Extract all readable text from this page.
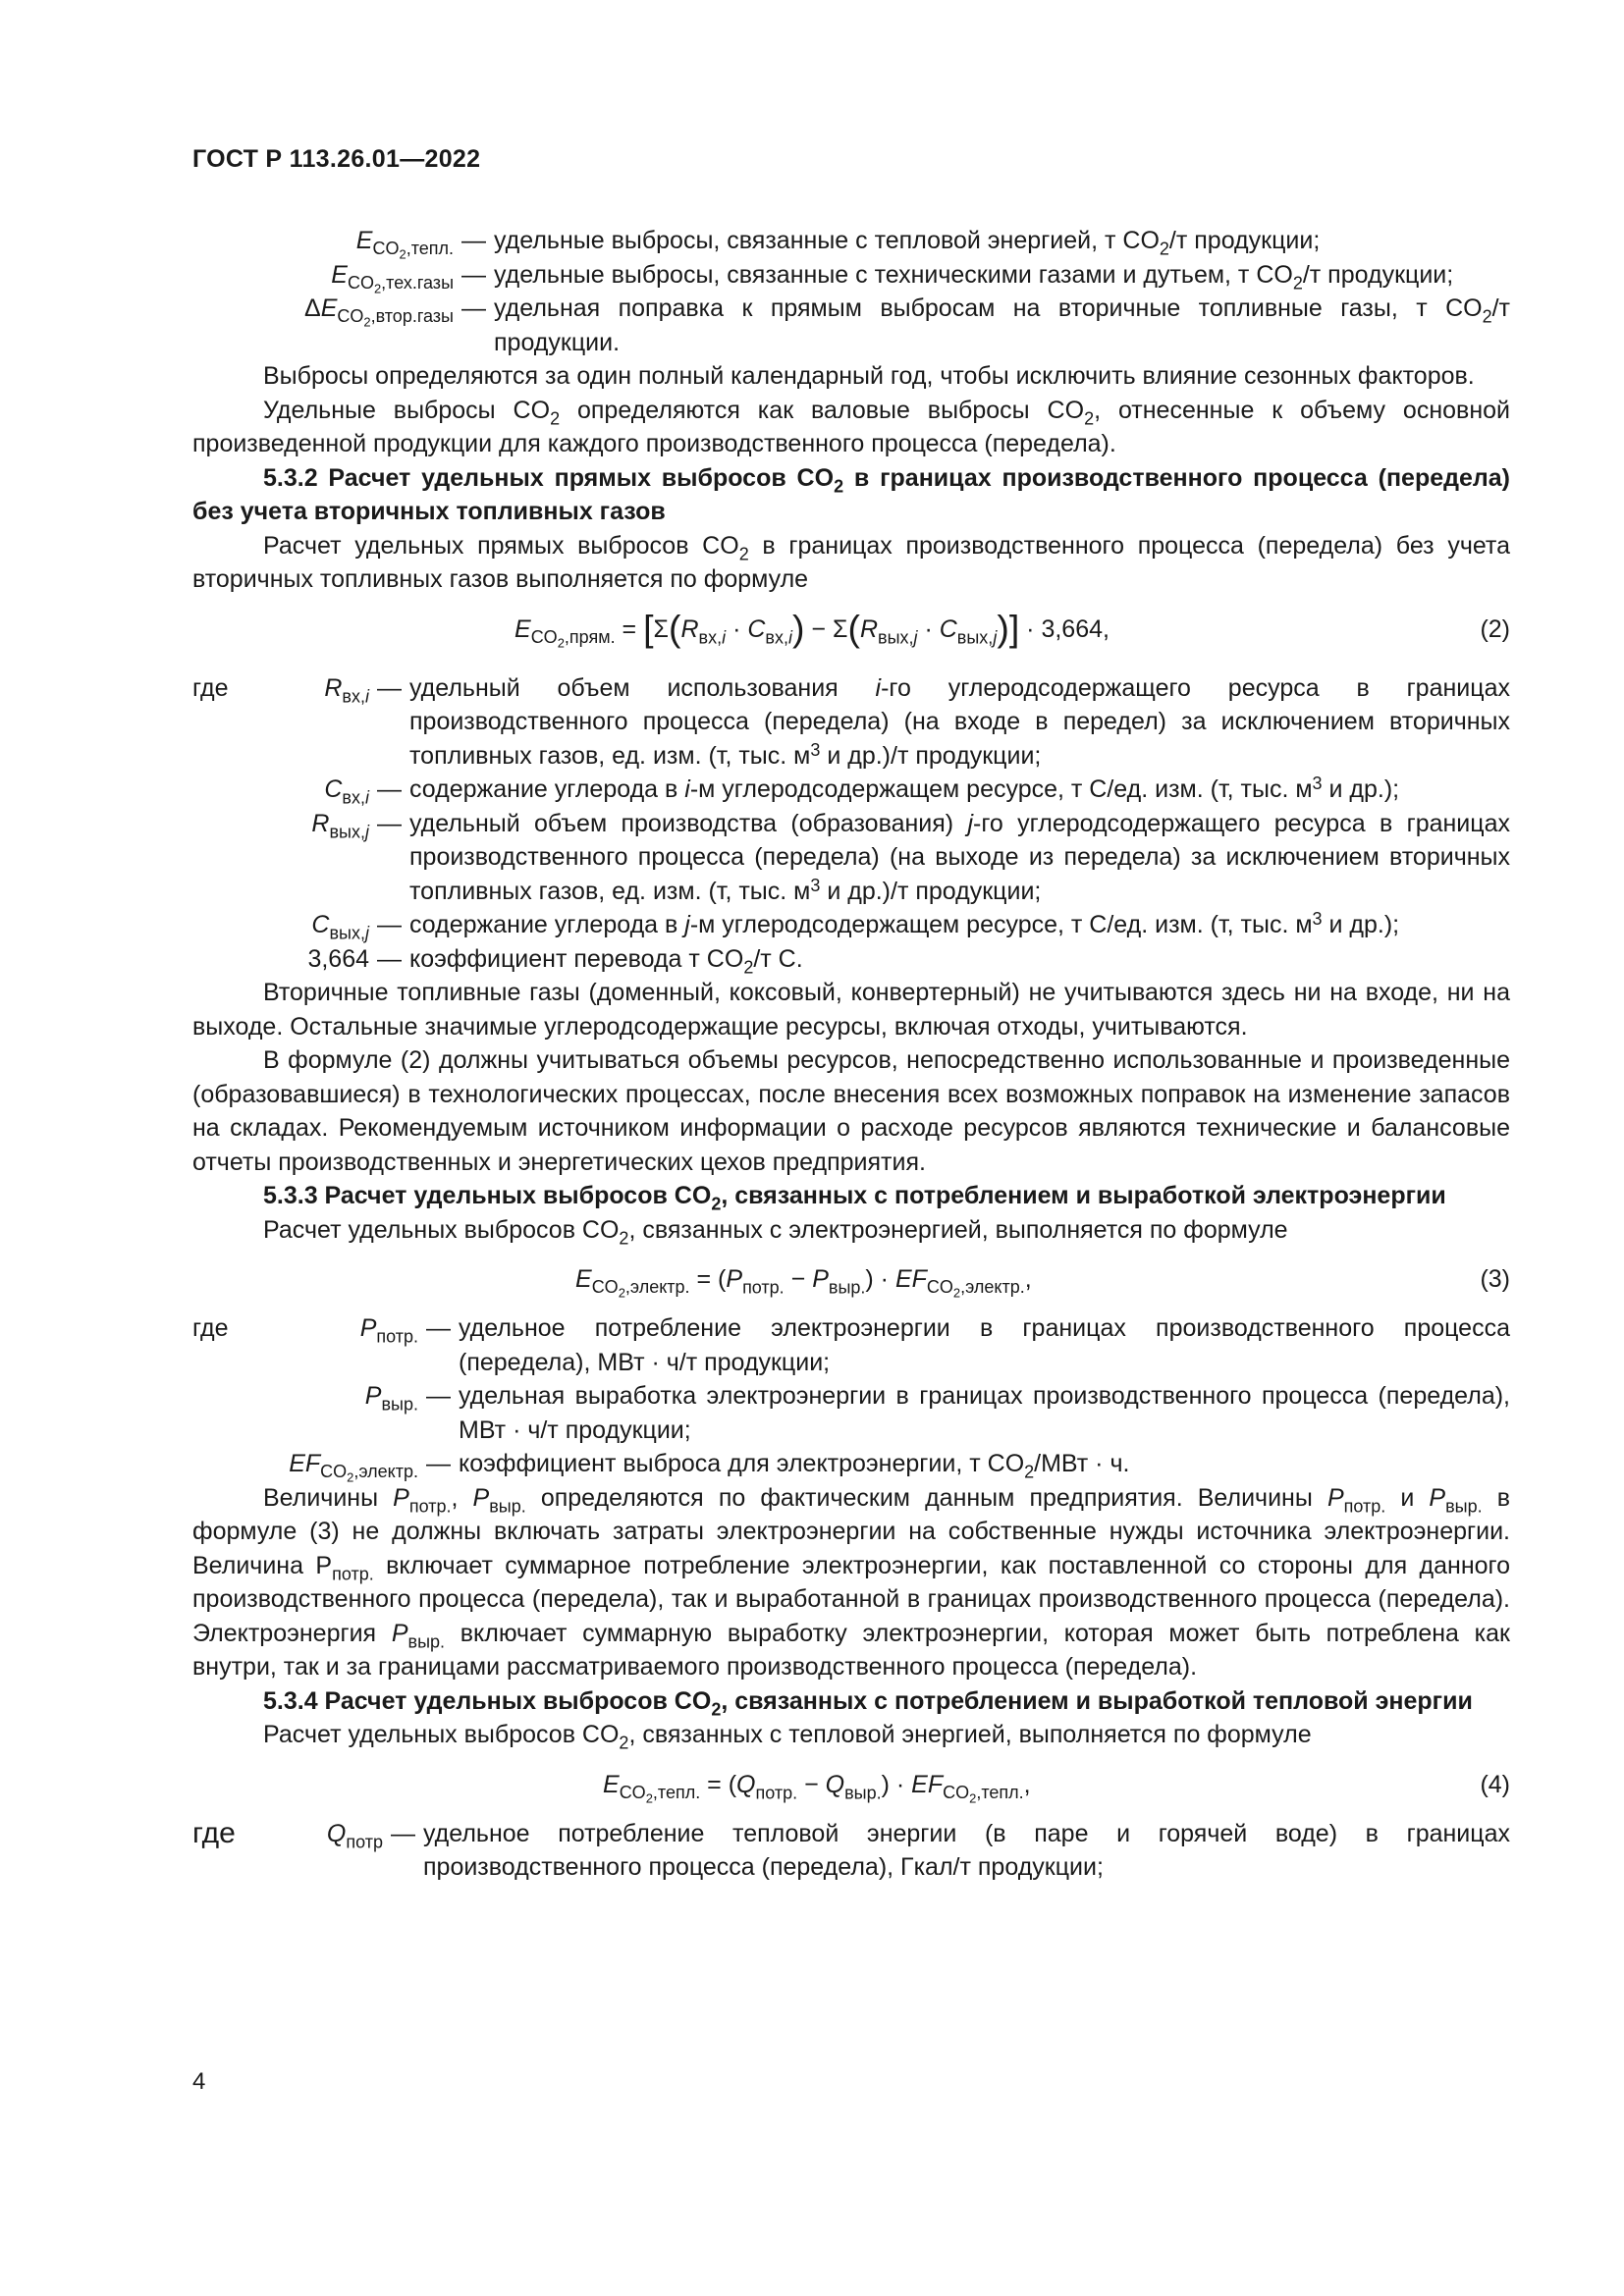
ГОСТ Р 113.26.01—2022
$E_{CO_2,тепл.}$ — удельные выбросы, связанные с тепловой энергией, т $CO_2/т$ продукции;
$E_{CO_2,тех.газы}$ — удельные выбросы, связанные с техническими газами и дутьем, т $CO_2/т$ продукции;
$\Delta E_{CO_2,втор.газы}$ — удельная поправка к прямым выбросам на вторичные топливные газы, т $CO_2/т$ продукции.

Выбросы определяются за один полный календарный год, чтобы исключить влияние сезонных факторов.

Удельные выбросы $CO_2$ определяются как валовые выбросы $CO_2$, отнесенные к объему основной произведенной продукции для каждого производственного процесса (передела).

5.3.2 Расчет удельных прямых выбросов $CO_2$ в границах производственного процесса (передела) без учета вторичных топливных газов

Расчет удельных прямых выбросов $CO_2$ в границах производственного процесса (передела) без учета вторичных топливных газов выполняется по формуле

$E_{CO_2,прям.} = [\Sigma(R_{вх,i} \cdot C_{вх,i}) - \Sigma(R_{вых,j} \cdot C_{вых,j})] \cdot 3,664$,	(2)
где	$R_{вх,i}$ — удельный объем использования i-го углеродсодержащего ресурса в границах производственного процесса (передела) (на входе в передел) за исключением вторичных топливных газов, ед. изм. (т, тыс. $м^3$ и др.)/т продукции;
$C_{вх,i}$ — содержание углерода в i-м углеродсодержащем ресурсе, т С/ед. изм. (т, тыс. $м^3$ и др.);
$R_{вых,j}$ — удельный объем производства (образования) j-го углеродсодержащего ресурса в границах производственного процесса (передела) (на выходе из передела) за исключением вторичных топливных газов, ед. изм. (т, тыс. $м^3$ и др.)/т продукции;
$C_{вых,j}$ — содержание углерода в j-м углеродсодержащем ресурсе, т С/ед. изм. (т, тыс. $м^3$ и др.);
3,664 — коэффициент перевода т $CO_2/т$ С.

Вторичные топливные газы (доменный, коксовый, конвертерный) не учитываются здесь ни на входе, ни на выходе. Остальные значимые углеродсодержащие ресурсы, включая отходы, учитываются.

В формуле (2) должны учитываться объемы ресурсов, непосредственно использованные и произведенные (образовавшиеся) в технологических процессах, после внесения всех возможных поправок на изменение запасов на складах. Рекомендуемым источником информации о расходе ресурсов являются технические и балансовые отчеты производственных и энергетических цехов предприятия.

5.3.3 Расчет удельных выбросов $CO_2$, связанных с потреблением и выработкой электроэнергии

Расчет удельных выбросов $CO_2$, связанных с электроэнергией, выполняется по формуле

$E_{CO_2,электр.} = (P_{потр.} - P_{выр.}) \cdot EF_{CO_2,электр.}$,	(3)
где	$P_{потр.}$ — удельное потребление электроэнергии в границах производственного процесса (передела), МВт · ч/т продукции;
$P_{выр.}$ — удельная выработка электроэнергии в границах производственного процесса (передела), МВт · ч/т продукции;
$EF_{CO_2,электр.}$ — коэффициент выброса для электроэнергии, т $CO_2$/МВт · ч.

Величины $P_{потр.}$, $P_{выр.}$ определяются по фактическим данным предприятия. Величины $P_{потр.}$ и $P_{выр.}$ в формуле (3) не должны включать затраты электроэнергии на собственные нужды источника электроэнергии. Величина $Р_{потр.}$ включает суммарное потребление электроэнергии, как поставленной со стороны для данного производственного процесса (передела), так и выработанной в границах производственного процесса (передела). Электроэнергия $P_{выр.}$ включает суммарную выработку электроэнергии, которая может быть потреблена как внутри, так и за границами рассматриваемого производственного процесса (передела).

5.3.4 Расчет удельных выбросов $CO_2$, связанных с потреблением и выработкой тепловой энергии

Расчет удельных выбросов $CO_2$, связанных с тепловой энергией, выполняется по формуле

$E_{CO_2,тепл.} = (Q_{потр.} - Q_{выр.}) \cdot EF_{CO_2,тепл.}$,	(4)
где	$Q_{потр}$ — удельное потребление тепловой энергии (в паре и горячей воде) в границах производственного процесса (передела), Гкал/т продукции;
4
